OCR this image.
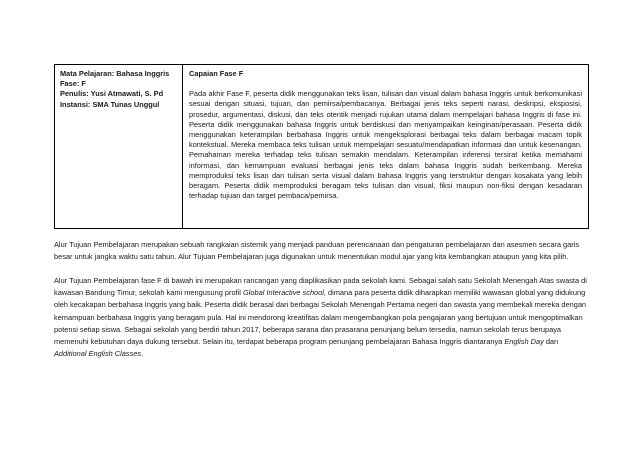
Mata Pelajaran: Bahasa Inggris
Fase: F
Penulis: Yusi Atmawati, S. Pd
Instansi: SMA Tunas Unggul

Capaian Fase F

Pada akhir Fase F, peserta didik menggunakan teks lisan, tulisan dan visual dalam bahasa Inggris untuk berkomunikasi sesuai dengan situasi, tujuan, dan pemirsa/pembacanya. Berbagai jenis teks seperti narasi, deskripsi, eksposisi, prosedur, argumentasi, diskusi, dan teks otentik menjadi rujukan utama dalam mempelajari bahasa Inggris di fase ini. Peserta didik menggunakan bahasa Inggris untuk berdiskusi dan menyampaikan keinginan/perasaan. Peserta didik menggunakan keterampilan berbahasa Inggris untuk mengeksplorasi berbagai teks dalam berbagai macam topik kontekstual. Mereka membaca teks tulisan untuk mempelajari sesuatu/mendapatkan informasi dan untuk kesenangan. Pemahaman mereka terhadap teks tulisan semakin mendalam. Keterampilan inferensi tersirat ketika memahami informasi, dan kemampuan evaluasi berbagai jenis teks dalam bahasa Inggris sudah berkembang. Mereka memproduksi teks lisan dan tulisan serta visual dalam bahasa Inggris yang terstruktur dengan kosakata yang lebih beragam. Peserta didik memproduksi beragam teks tulisan dan visual, fiksi maupun non-fiksi dengan kesadaran terhadap tujuan dan target pembaca/pemirsa.

Alur Tujuan Pembelajaran merupakan sebuah rangkaian sistemik yang menjadi panduan perencanaan dan pengaturan pembelajaran dan asesmen secara garis besar untuk jangka waktu satu tahun. Alur Tujuan Pembelajaran juga digunakan untuk menentukan modul ajar yang kita kembangkan ataupun yang kita pilih.

Alur Tujuan Pembelajaran fase F di bawah ini merupakan rancangan yang diaplikasikan pada sekolah kami. Sebagai salah satu Sekolah Menengah Atas swasta di kawasan Bandung Timur, sekolah kami mengusung profil Global Interactive school, dimana para peserta didik diharapkan memiliki wawasan global yang didukung oleh kecakapan berbahasa Inggris yang baik. Peserta didik berasal dari berbagai Sekolah Menengah Pertama negeri dan swasta yang membekali mereka dengan kemampuan berbahasa Inggris yang beragam pula. Hal ini mendorong kreatifitas dalam mengembangkan pola pengajaran yang bertujuan untuk mengoptimalkan potensi setiap siswa. Sebagai sekolah yang berdiri tahun 2017, beberapa sarana dan prasarana penunjang belum tersedia, namun sekolah terus berupaya memenuhi kebutuhan daya dukung tersebut. Selain itu, terdapat beberapa program penunjang pembelajaran Bahasa Inggris diantaranya English Day dan Additional English Classes.
